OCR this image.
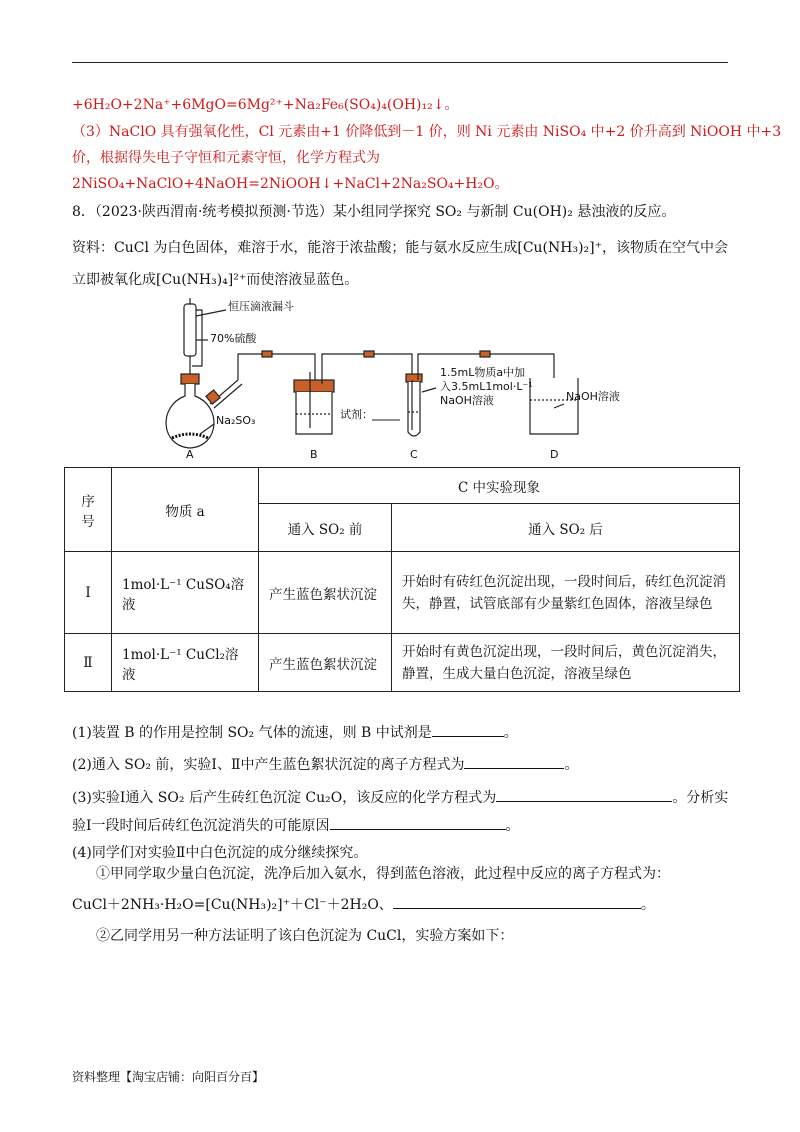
+6H₂O+2Na⁺+6MgO=6Mg²⁺+Na₂Fe₆(SO₄)₄(OH)₁₂↓。
（3）NaClO 具有强氧化性，Cl 元素由+1 价降低到－1 价，则 Ni 元素由 NiSO₄ 中+2 价升高到 NiOOH 中+3
价，根据得失电子守恒和元素守恒，化学方程式为
2NiSO₄+NaClO+4NaOH=2NiOOH↓+NaCl+2Na₂SO₄+H₂O。
8．（2023·陕西渭南·统考模拟预测·节选）某小组同学探究 SO₂ 与新制 Cu(OH)₂ 悬浊液的反应。
资料：CuCl 为白色固体，难溶于水，能溶于浓盐酸；能与氨水反应生成[Cu(NH₃)₂]⁺，该物质在空气中会
立即被氧化成[Cu(NH₃)₄]²⁺而使溶液显蓝色。
恒压滴液漏斗
70%硫酸
Na₂SO₃	试剂：
1.5mL物质a中加
入3.5mL1mol·L⁻¹
NaOH溶液	NaOH溶液
A	B	C	D
序号	物质 a	C 中实验现象	
		通入 SO₂ 前	通入 SO₂ 后
Ⅰ	1mol·L⁻¹ CuSO₄溶液	产生蓝色絮状沉淀	开始时有砖红色沉淀出现，一段时间后，砖红色沉淀消失，静置，试管底部有少量紫红色固体，溶液呈绿色
Ⅱ	1mol·L⁻¹ CuCl₂溶液	产生蓝色絮状沉淀	开始时有黄色沉淀出现，一段时间后，黄色沉淀消失，静置，生成大量白色沉淀，溶液呈绿色
(1)装置 B 的作用是控制 SO₂ 气体的流速，则 B 中试剂是	。
(2)通入 SO₂ 前，实验Ⅰ、Ⅱ中产生蓝色絮状沉淀的离子方程式为	。
(3)实验Ⅰ通入 SO₂ 后产生砖红色沉淀 Cu₂O，该反应的化学方程式为	。分析实
验Ⅰ一段时间后砖红色沉淀消失的可能原因	。
(4)同学们对实验Ⅱ中白色沉淀的成分继续探究。
①甲同学取少量白色沉淀，洗净后加入氨水，得到蓝色溶液，此过程中反应的离子方程式为：
CuCl＋2NH₃·H₂O=[Cu(NH₃)₂]⁺＋Cl⁻＋2H₂O、	。
②乙同学用另一种方法证明了该白色沉淀为 CuCl，实验方案如下：
资料整理【淘宝店铺：向阳百分百】
